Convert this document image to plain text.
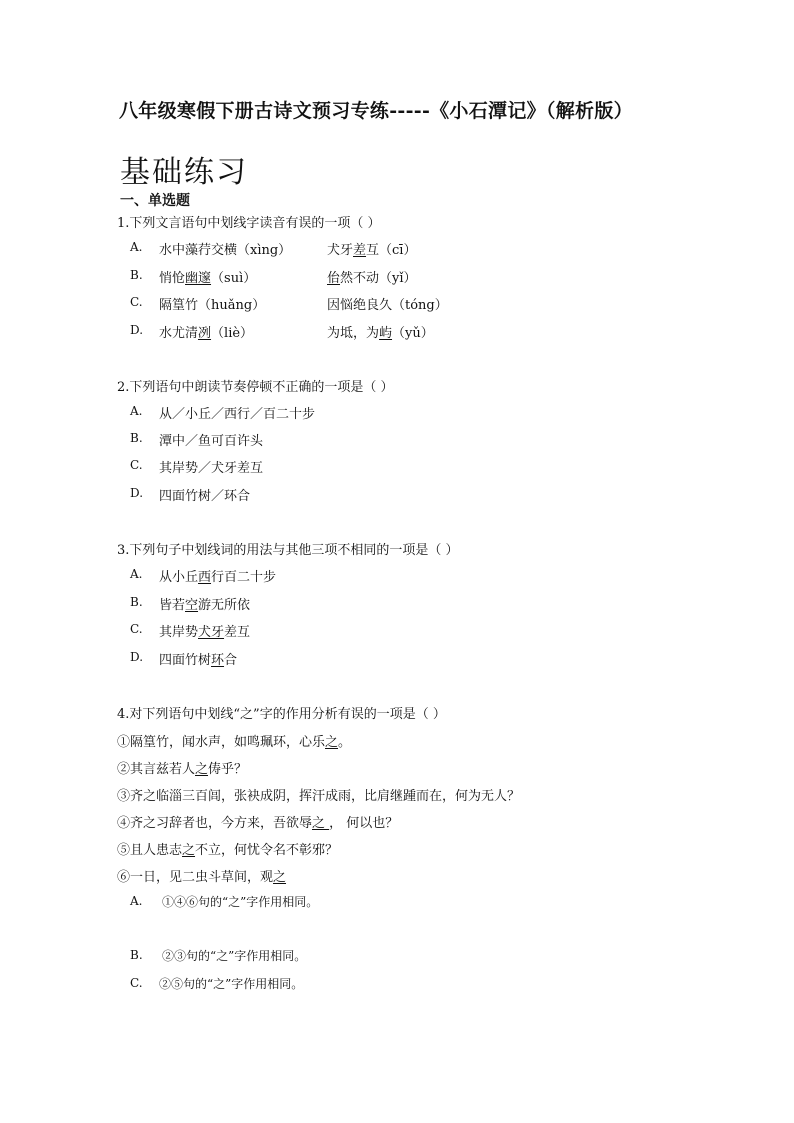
八年级寒假下册古诗文预习专练-----《小石潭记》（解析版）
基础练习
一、单选题
1.下列文言语句中划线字读音有误的一项（ ）
A. 水中藻荇交横（xìng）	犬牙差互（cī）
B. 悄怆幽邃（suì）	佁然不动（yǐ）
C. 隔篁竹（huǎng）	因悩绝良久（tóng）
D. 水尤清冽（liè）	为坻，为屿（yǔ）
2.下列语句中朗读节奏停顿不正确的一项是（ ）
A. 从／小丘／西行／百二十步
B. 潭中／鱼可百许头
C. 其岸势／犬牙差互
D. 四面竹树／环合
3.下列句子中划线词的用法与其他三项不相同的一项是（ ）
A. 从小丘西行百二十步
B. 皆若空游无所依
C. 其岸势犬牙差互
D. 四面竹树环合
4.对下列语句中划线“之”字的作用分析有误的一项是（ ）
①隔篁竹，闻水声，如鸣珮环，心乐之。
②其言兹若人之俦乎？
③齐之临淄三百闾，张袂成阴，挥汗成雨，比肩继踵而在，何为无人？
④齐之习辞者也，今方来，吾欲辱之 ， 何以也？
⑤且人患志之不立，何忧令名不彰邪？
⑥一日，见二虫斗草间，观之
A. ①④⑥句的“之”字作用相同。
B. ②③句的“之”字作用相同。
C. ②⑤句的“之”字作用相同。
